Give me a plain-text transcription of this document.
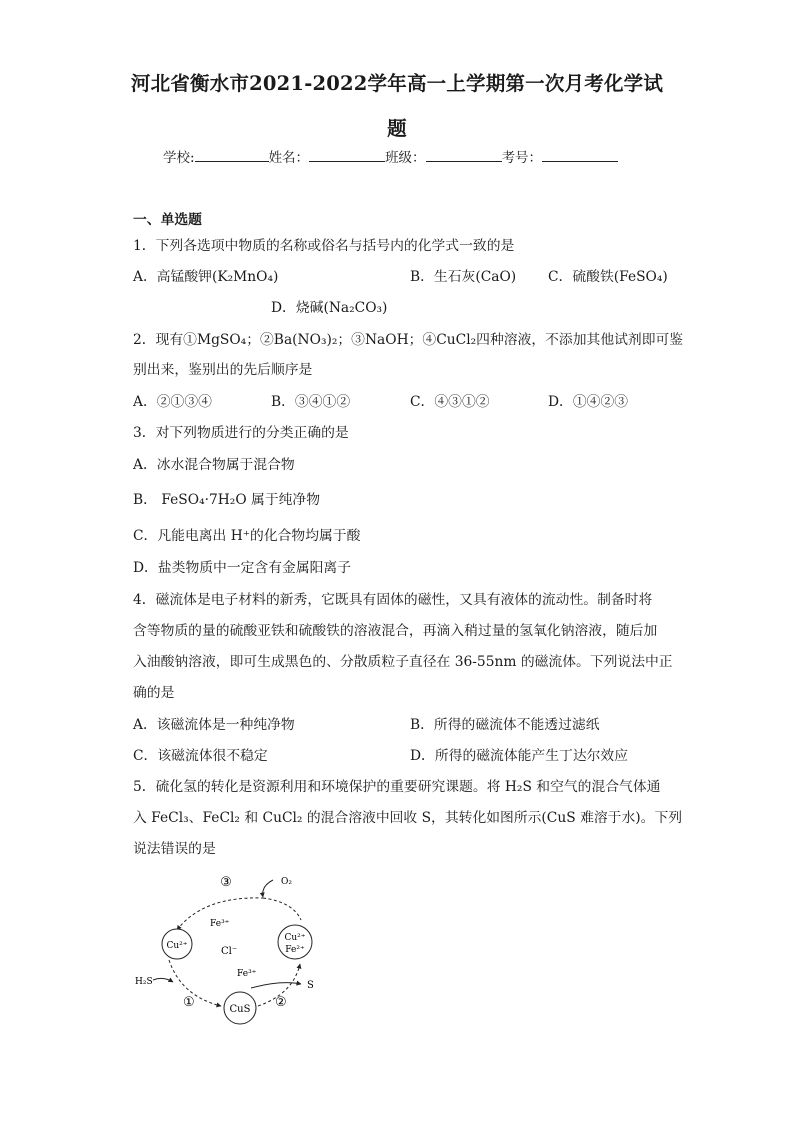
河北省衡水市2021-2022学年高一上学期第一次月考化学试
题
学校:	姓名：	班级：	考号：
一、单选题
1．下列各选项中物质的名称或俗名与括号内的化学式一致的是
A．高锰酸钾(K₂MnO₄)	B．生石灰(CaO) C．硫酸铁(FeSO₄)
D．烧碱(Na₂CO₃)
2．现有①MgSO₄；②Ba(NO₃)₂；③NaOH；④CuCl₂四种溶液，不添加其他试剂即可鉴
别出来，鉴别出的先后顺序是
A．②①③④	B．③④①②	C．④③①②	D．①④②③
3．对下列物质进行的分类正确的是
A．冰水混合物属于混合物
B． FeSO₄·7H₂O 属于纯净物
C．凡能电离出 H⁺的化合物均属于酸
D．盐类物质中一定含有金属阳离子
4．磁流体是电子材料的新秀，它既具有固体的磁性，又具有液体的流动性。制备时将
含等物质的量的硫酸亚铁和硫酸铁的溶液混合，再滴入稍过量的氢氧化钠溶液，随后加
入油酸钠溶液，即可生成黑色的、分散质粒子直径在 36-55nm 的磁流体。下列说法中正
确的是
A．该磁流体是一种纯净物	B．所得的磁流体不能透过滤纸
C．该磁流体很不稳定	D．所得的磁流体能产生丁达尔效应
5．硫化氢的转化是资源利用和环境保护的重要研究课题。将 H₂S 和空气的混合气体通
入 FeCl₃、FeCl₂ 和 CuCl₂ 的混合溶液中回收 S，其转化如图所示(CuS 难溶于水)。下列
说法错误的是
③	O₂
Fe³⁺
Cl⁻
Cu²⁺
Cu²⁺
Fe²⁺
Fe³⁺
CuS
H₂S	S
①	②
